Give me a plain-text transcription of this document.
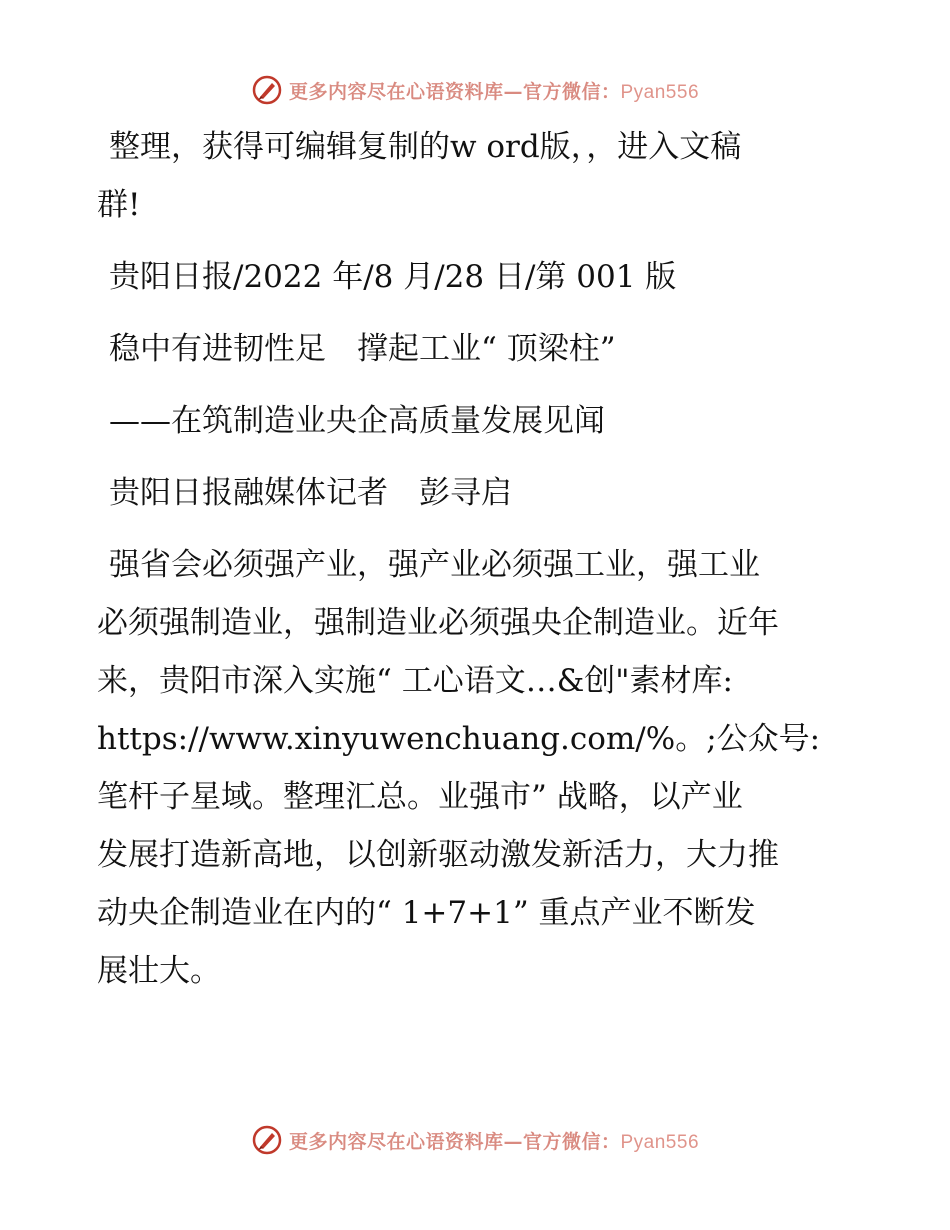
更多内容尽在心语资料库—官方微信：Pyan556

整理，获得可编辑复制的w ord版，，进入文稿
群!

贵阳日报/2022 年/8 月/28 日/第 001 版

稳中有进韧性足　撑起工业“ 顶梁柱”

——在筑制造业央企高质量发展见闻

贵阳日报融媒体记者　彭寻启

强省会必须强产业，强产业必须强工业，强工业
必须强制造业，强制造业必须强央企制造业。近年
来，贵阳市深入实施“ 工心语文…&创"素材库:
https://www.xinyuwenchuang.com/%。;公众号:
笔杆子星域。整理汇总。业强市” 战略，以产业
发展打造新高地，以创新驱动激发新活力，大力推
动央企制造业在内的“ 1+7+1” 重点产业不断发
展壮大。

更多内容尽在心语资料库—官方微信：Pyan556
